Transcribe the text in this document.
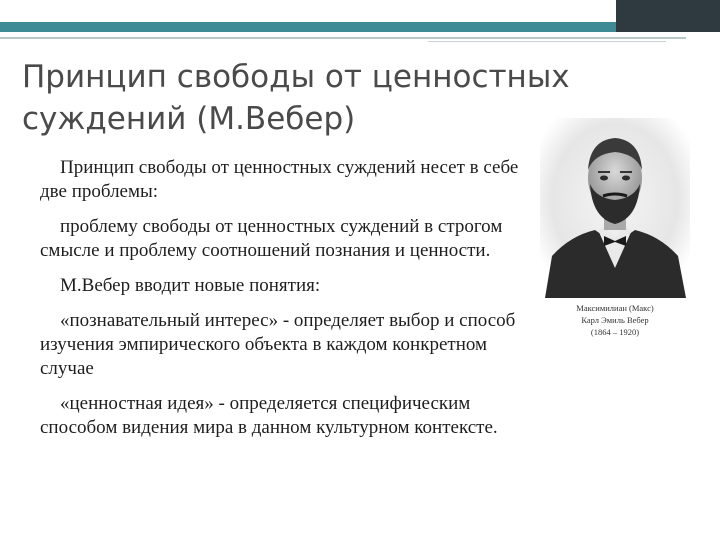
Принцип свободы от ценностных
суждений (М.Вебер)

Принцип свободы от ценностных суждений несет в себе две проблемы:

проблему свободы от ценностных суждений в строгом смысле и проблему соотношений познания и ценности.

М.Вебер вводит новые понятия:

«познавательный интерес» - определяет выбор и способ изучения эмпирического объекта в каждом конкретном случае

«ценностная идея» - определяется специфическим способом видения мира в данном культурном контексте.

Максимилиан (Макс)
Карл Эмиль Вебер
(1864 – 1920)
